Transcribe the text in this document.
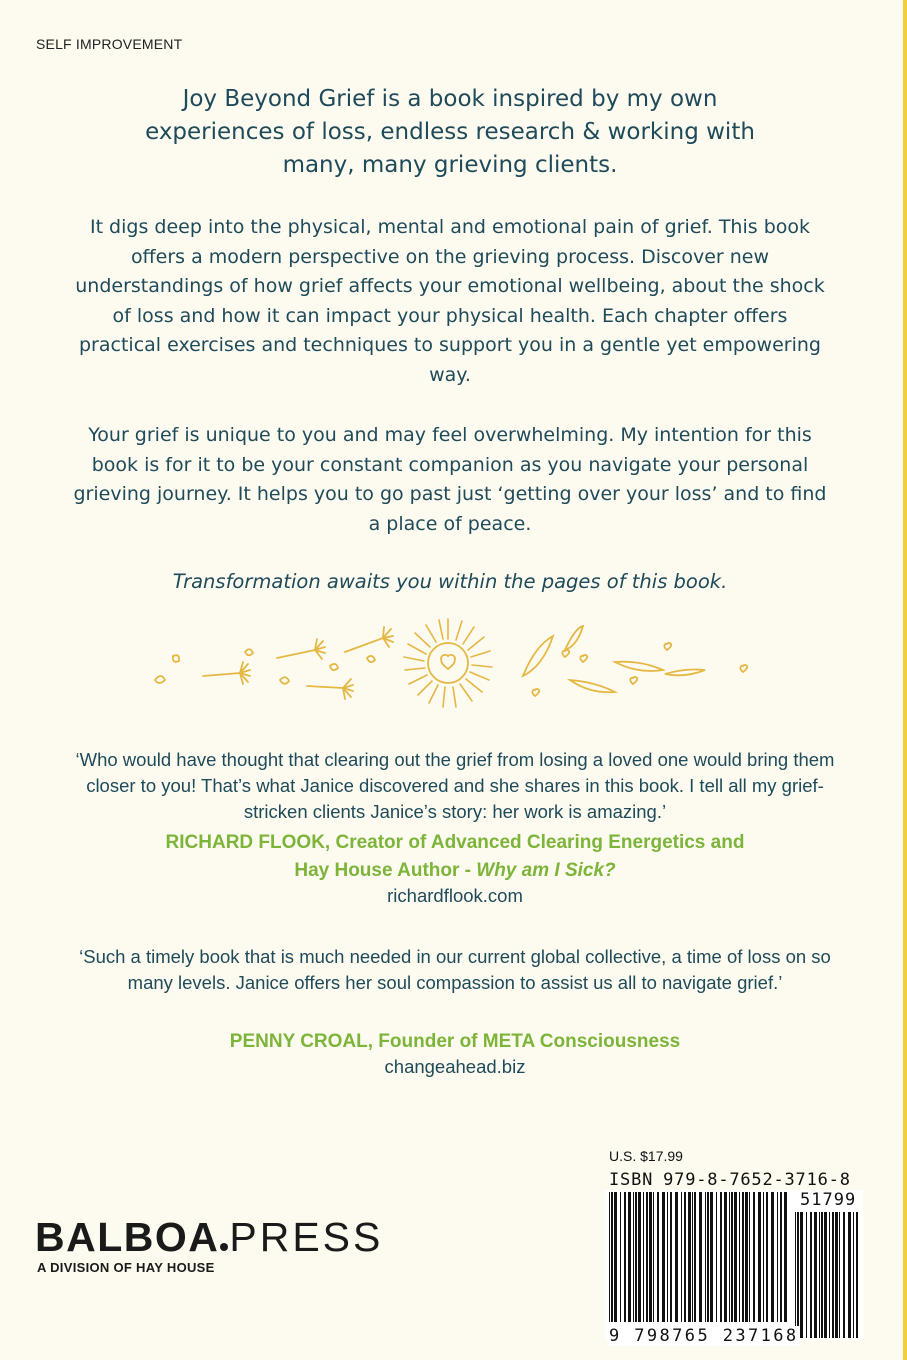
SELF IMPROVEMENT
Joy Beyond Grief is a book inspired by my own experiences of loss, endless research & working with many, many grieving clients.
It digs deep into the physical, mental and emotional pain of grief. This book offers a modern perspective on the grieving process. Discover new understandings of how grief affects your emotional wellbeing, about the shock of loss and how it can impact your physical health. Each chapter offers practical exercises and techniques to support you in a gentle yet empowering way.
Your grief is unique to you and may feel overwhelming. My intention for this book is for it to be your constant companion as you navigate your personal grieving journey. It helps you to go past just ‘getting over your loss’ and to find a place of peace.
Transformation awaits you within the pages of this book.
‘Who would have thought that clearing out the grief from losing a loved one would bring them closer to you! That’s what Janice discovered and she shares in this book. I tell all my grief-stricken clients Janice’s story: her work is amazing.’
RICHARD FLOOK, Creator of Advanced Clearing Energetics and
Hay House Author - Why am I Sick?
richardflook.com
‘Such a timely book that is much needed in our current global collective, a time of loss on so many levels. Janice offers her soul compassion to assist us all to navigate grief.’
PENNY CROAL, Founder of META Consciousness
changeahead.biz
U.S. $17.99
ISBN 979-8-7652-3716-8
51799
9 798765 237168
BALBOA PRESS
A DIVISION OF HAY HOUSE
